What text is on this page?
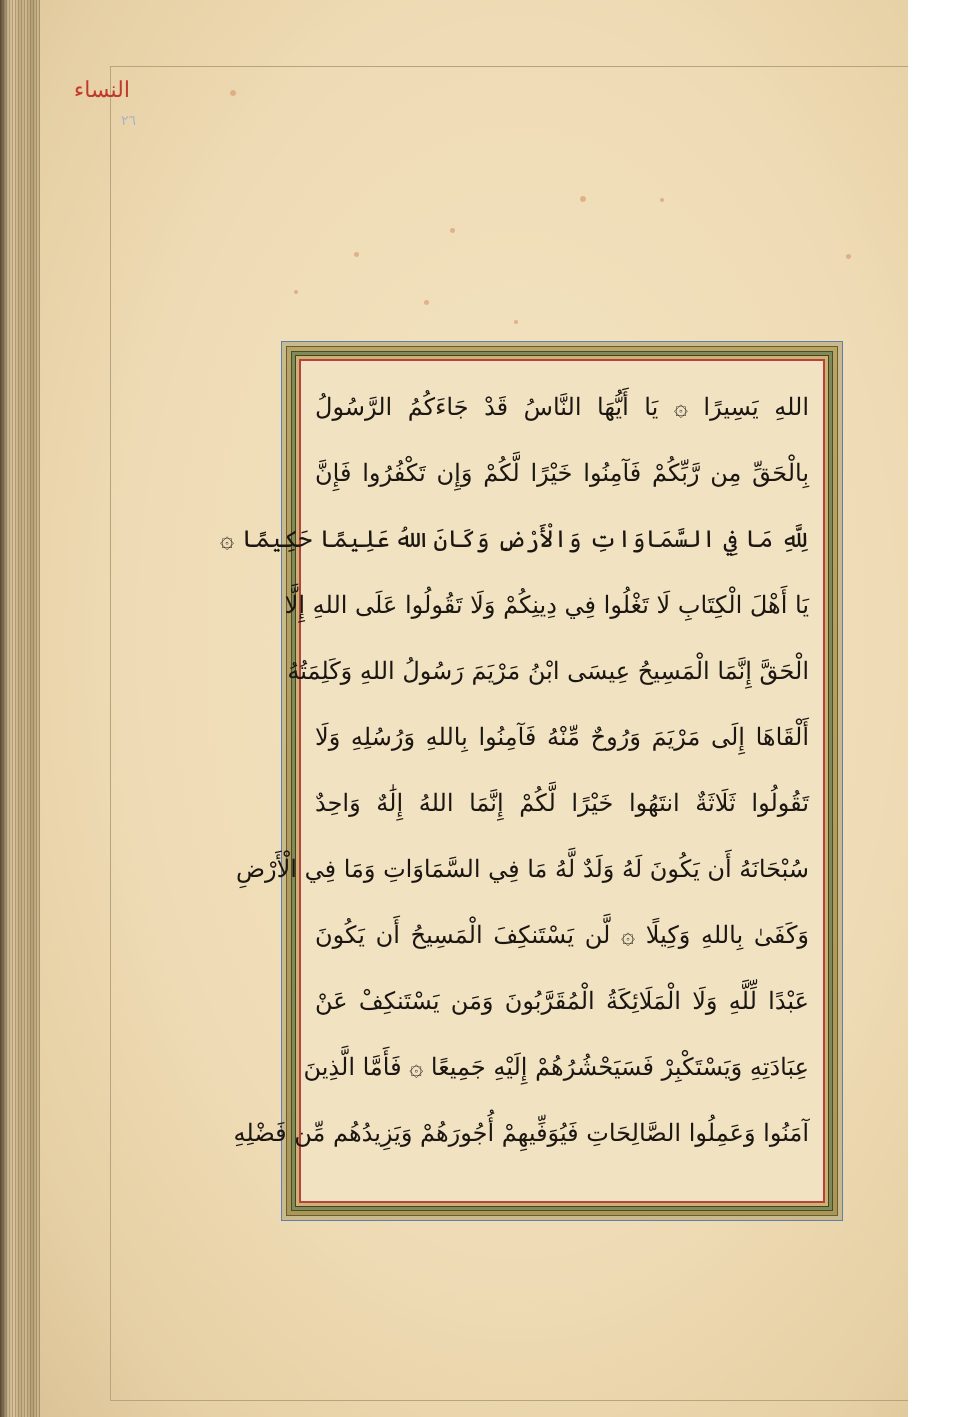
النساء
٢٦
اللهِ يَسِيرًا ۞ يَا أَيُّهَا النَّاسُ قَدْ جَاءَكُمُ الرَّسُولُ
بِالْحَقِّ مِن رَّبِّكُمْ فَآمِنُوا خَيْرًا لَّكُمْ وَإِن تَكْفُرُوا فَإِنَّ
لِلَّهِ مَا فِي السَّمَاوَاتِ وَالْأَرْضِ وَكَانَ اللهُ عَلِيمًا حَكِيمًا ۞
يَا أَهْلَ الْكِتَابِ لَا تَغْلُوا فِي دِينِكُمْ وَلَا تَقُولُوا عَلَى اللهِ إِلَّا
الْحَقَّ إِنَّمَا الْمَسِيحُ عِيسَى ابْنُ مَرْيَمَ رَسُولُ اللهِ وَكَلِمَتُهُ
أَلْقَاهَا إِلَى مَرْيَمَ وَرُوحٌ مِّنْهُ فَآمِنُوا بِاللهِ وَرُسُلِهِ وَلَا
تَقُولُوا ثَلَاثَةٌ انتَهُوا خَيْرًا لَّكُمْ إِنَّمَا اللهُ إِلَٰهٌ وَاحِدٌ
سُبْحَانَهُ أَن يَكُونَ لَهُ وَلَدٌ لَّهُ مَا فِي السَّمَاوَاتِ وَمَا فِي الْأَرْضِ
وَكَفَىٰ بِاللهِ وَكِيلًا ۞ لَّن يَسْتَنكِفَ الْمَسِيحُ أَن يَكُونَ
عَبْدًا لِّلَّهِ وَلَا الْمَلَائِكَةُ الْمُقَرَّبُونَ وَمَن يَسْتَنكِفْ عَنْ
عِبَادَتِهِ وَيَسْتَكْبِرْ فَسَيَحْشُرُهُمْ إِلَيْهِ جَمِيعًا ۞ فَأَمَّا الَّذِينَ
آمَنُوا وَعَمِلُوا الصَّالِحَاتِ فَيُوَفِّيهِمْ أُجُورَهُمْ وَيَزِيدُهُم مِّن فَضْلِهِ
